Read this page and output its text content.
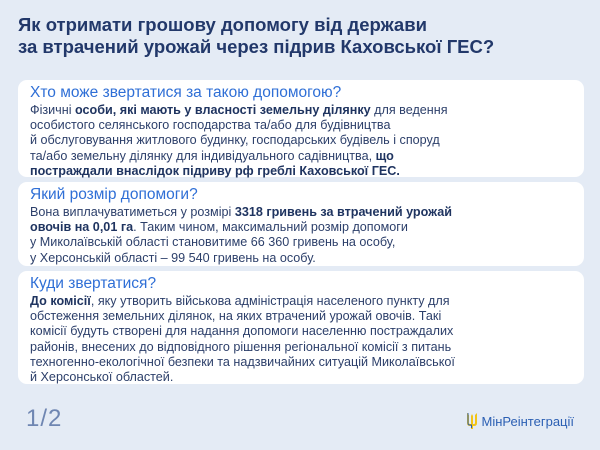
Як отримати грошову допомогу від держави
за втрачений урожай через підрив Каховської ГЕС?
Хто може звертатися за такою допомогою?

Фізичні особи, які мають у власності земельну ділянку для ведення
особистого селянського господарства та/або для будівництва
й обслуговування житлового будинку, господарських будівель і споруд
та/або земельну ділянку для індивідуального садівництва, що
постраждали внаслідок підриву рф греблі Каховської ГЕС.

Який розмір допомоги?

Вона виплачуватиметься у розмірі 3318 гривень за втрачений урожай
овочів на 0,01 га. Таким чином, максимальний розмір допомоги
у Миколаївській області становитиме 66 360 гривень на особу,
у Херсонській області – 99 540 гривень на особу.

Куди звертатися?

До комісії, яку утворить військова адміністрація населеного пункту для
обстеження земельних ділянок, на яких втрачений урожай овочів. Такі
комісії будуть створені для надання допомоги населенню постраждалих
районів, внесених до відповідного рішення регіональної комісії з питань
техногенно-екологічної безпеки та надзвичайних ситуацій Миколаївської
й Херсонської областей.

1/2	МінРеінтеграції
